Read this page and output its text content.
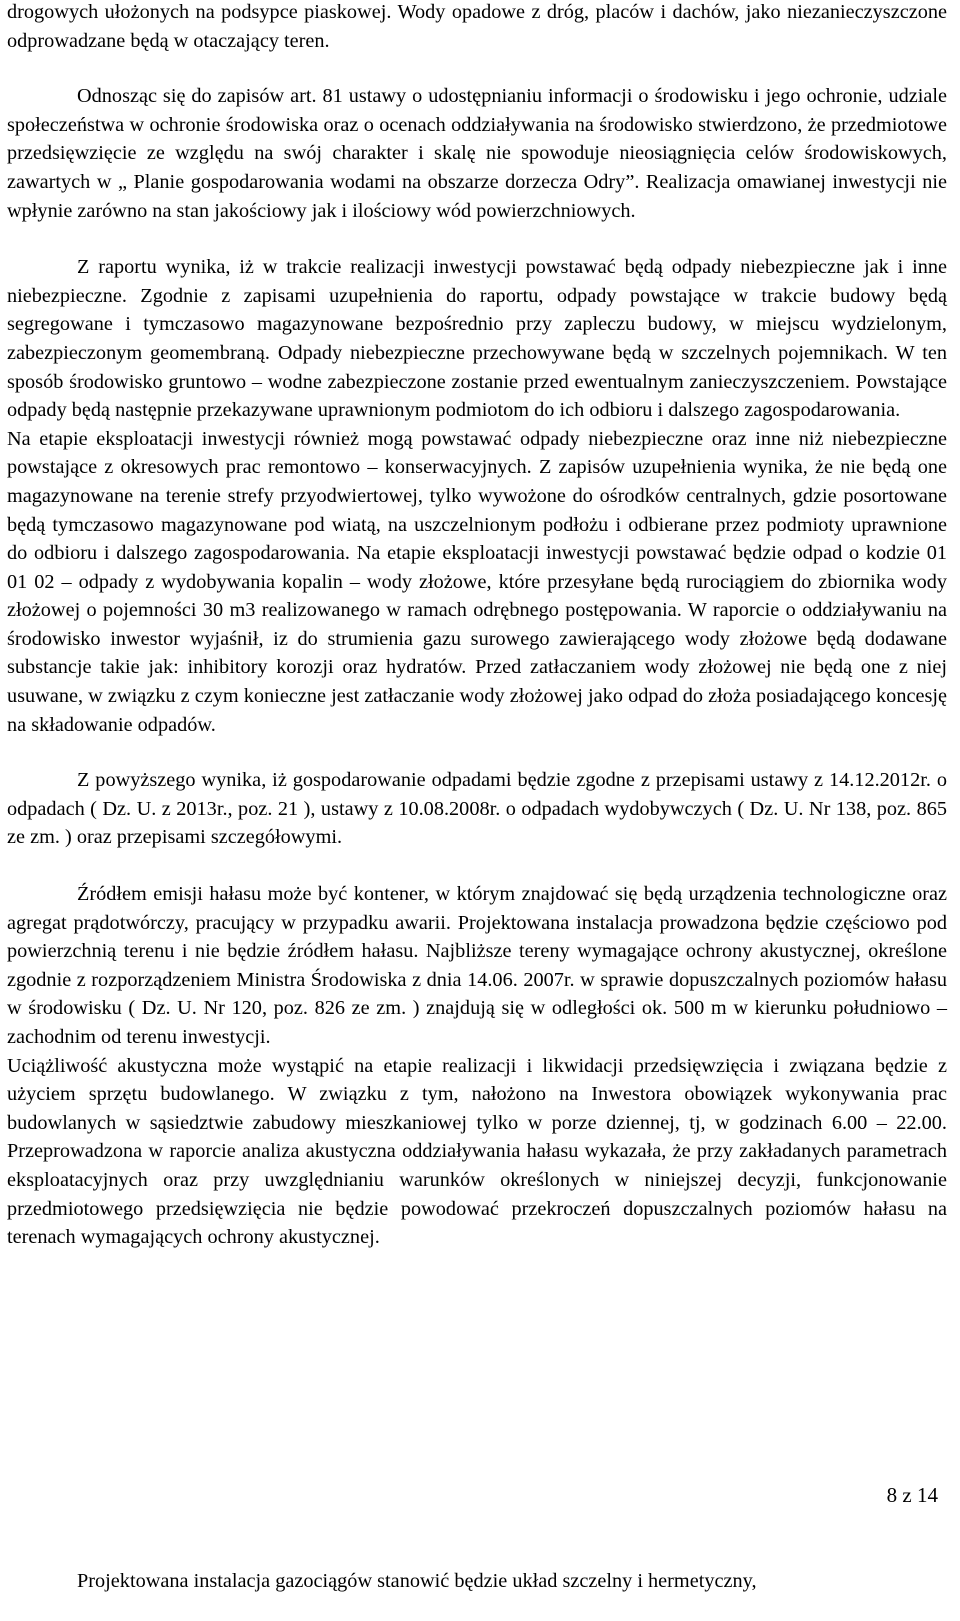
drogowych ułożonych na podsypce piaskowej. Wody opadowe z dróg, placów i dachów, jako niezanieczyszczone odprowadzane będą w otaczający teren.

Odnosząc się do zapisów art. 81 ustawy o udostępnianiu informacji o środowisku i jego ochronie, udziale społeczeństwa w ochronie środowiska oraz o ocenach oddziaływania na środowisko stwierdzono, że przedmiotowe przedsięwzięcie ze względu na swój charakter i skalę nie spowoduje nieosiągnięcia celów środowiskowych, zawartych w „ Planie gospodarowania wodami na obszarze dorzecza Odry”. Realizacja omawianej inwestycji nie wpłynie zarówno na stan jakościowy jak i ilościowy wód powierzchniowych.

Z raportu wynika, iż w trakcie realizacji inwestycji powstawać będą odpady niebezpieczne jak i inne niebezpieczne. Zgodnie z zapisami uzupełnienia do raportu, odpady powstające w trakcie budowy będą segregowane i tymczasowo magazynowane bezpośrednio przy zapleczu budowy, w miejscu wydzielonym, zabezpieczonym geomembraną. Odpady niebezpieczne przechowywane będą w szczelnych pojemnikach. W ten sposób środowisko gruntowo – wodne zabezpieczone zostanie przed ewentualnym zanieczyszczeniem. Powstające odpady będą następnie przekazywane uprawnionym podmiotom do ich odbioru i dalszego zagospodarowania.

Na etapie eksploatacji inwestycji również mogą powstawać odpady niebezpieczne oraz inne niż niebezpieczne powstające z okresowych prac remontowo – konserwacyjnych. Z zapisów uzupełnienia wynika, że nie będą one magazynowane na terenie strefy przyodwiertowej, tylko wywożone do ośrodków centralnych, gdzie posortowane będą tymczasowo magazynowane pod wiatą, na uszczelnionym podłożu i odbierane przez podmioty uprawnione do odbioru i dalszego zagospodarowania. Na etapie eksploatacji inwestycji powstawać będzie odpad o kodzie 01 01 02 – odpady z wydobywania kopalin – wody złożowe, które przesyłane będą rurociągiem do zbiornika wody złożowej o pojemności 30 m3 realizowanego w ramach odrębnego postępowania. W raporcie o oddziaływaniu na środowisko inwestor wyjaśnił, iz do strumienia gazu surowego zawierającego wody złożowe będą dodawane substancje takie jak: inhibitory korozji oraz hydratów. Przed zatłaczaniem wody złożowej nie będą one z niej usuwane, w związku z czym konieczne jest zatłaczanie wody złożowej jako odpad do złoża posiadającego koncesję na składowanie odpadów.

Z powyższego wynika, iż gospodarowanie odpadami będzie zgodne z przepisami ustawy z 14.12.2012r. o odpadach ( Dz. U. z 2013r., poz. 21 ), ustawy z 10.08.2008r. o odpadach wydobywczych ( Dz. U. Nr 138, poz. 865 ze zm. ) oraz przepisami szczegółowymi.

Źródłem emisji hałasu może być kontener, w którym znajdować się będą urządzenia technologiczne oraz agregat prądotwórczy, pracujący w przypadku awarii. Projektowana instalacja prowadzona będzie częściowo pod powierzchnią terenu i nie będzie źródłem hałasu. Najbliższe tereny wymagające ochrony akustycznej, określone zgodnie z rozporządzeniem Ministra Środowiska z dnia 14.06. 2007r. w sprawie dopuszczalnych poziomów hałasu w środowisku ( Dz. U. Nr 120, poz. 826 ze zm. ) znajdują się w odległości ok. 500 m w kierunku południowo – zachodnim od terenu inwestycji.

Uciążliwość akustyczna może wystąpić na etapie realizacji i likwidacji przedsięwzięcia i związana będzie z użyciem sprzętu budowlanego. W związku z tym, nałożono na Inwestora obowiązek wykonywania prac budowlanych w sąsiedztwie zabudowy mieszkaniowej tylko w porze dziennej, tj, w godzinach 6.00 – 22.00. Przeprowadzona w raporcie analiza akustyczna oddziaływania hałasu wykazała, że przy zakładanych parametrach eksploatacyjnych oraz przy uwzględnianiu warunków określonych w niniejszej decyzji, funkcjonowanie przedmiotowego przedsięwzięcia nie będzie powodować przekroczeń dopuszczalnych poziomów hałasu na terenach wymagających ochrony akustycznej.

8 z 14

Projektowana instalacja gazociągów stanowić będzie układ szczelny i hermetyczny,
